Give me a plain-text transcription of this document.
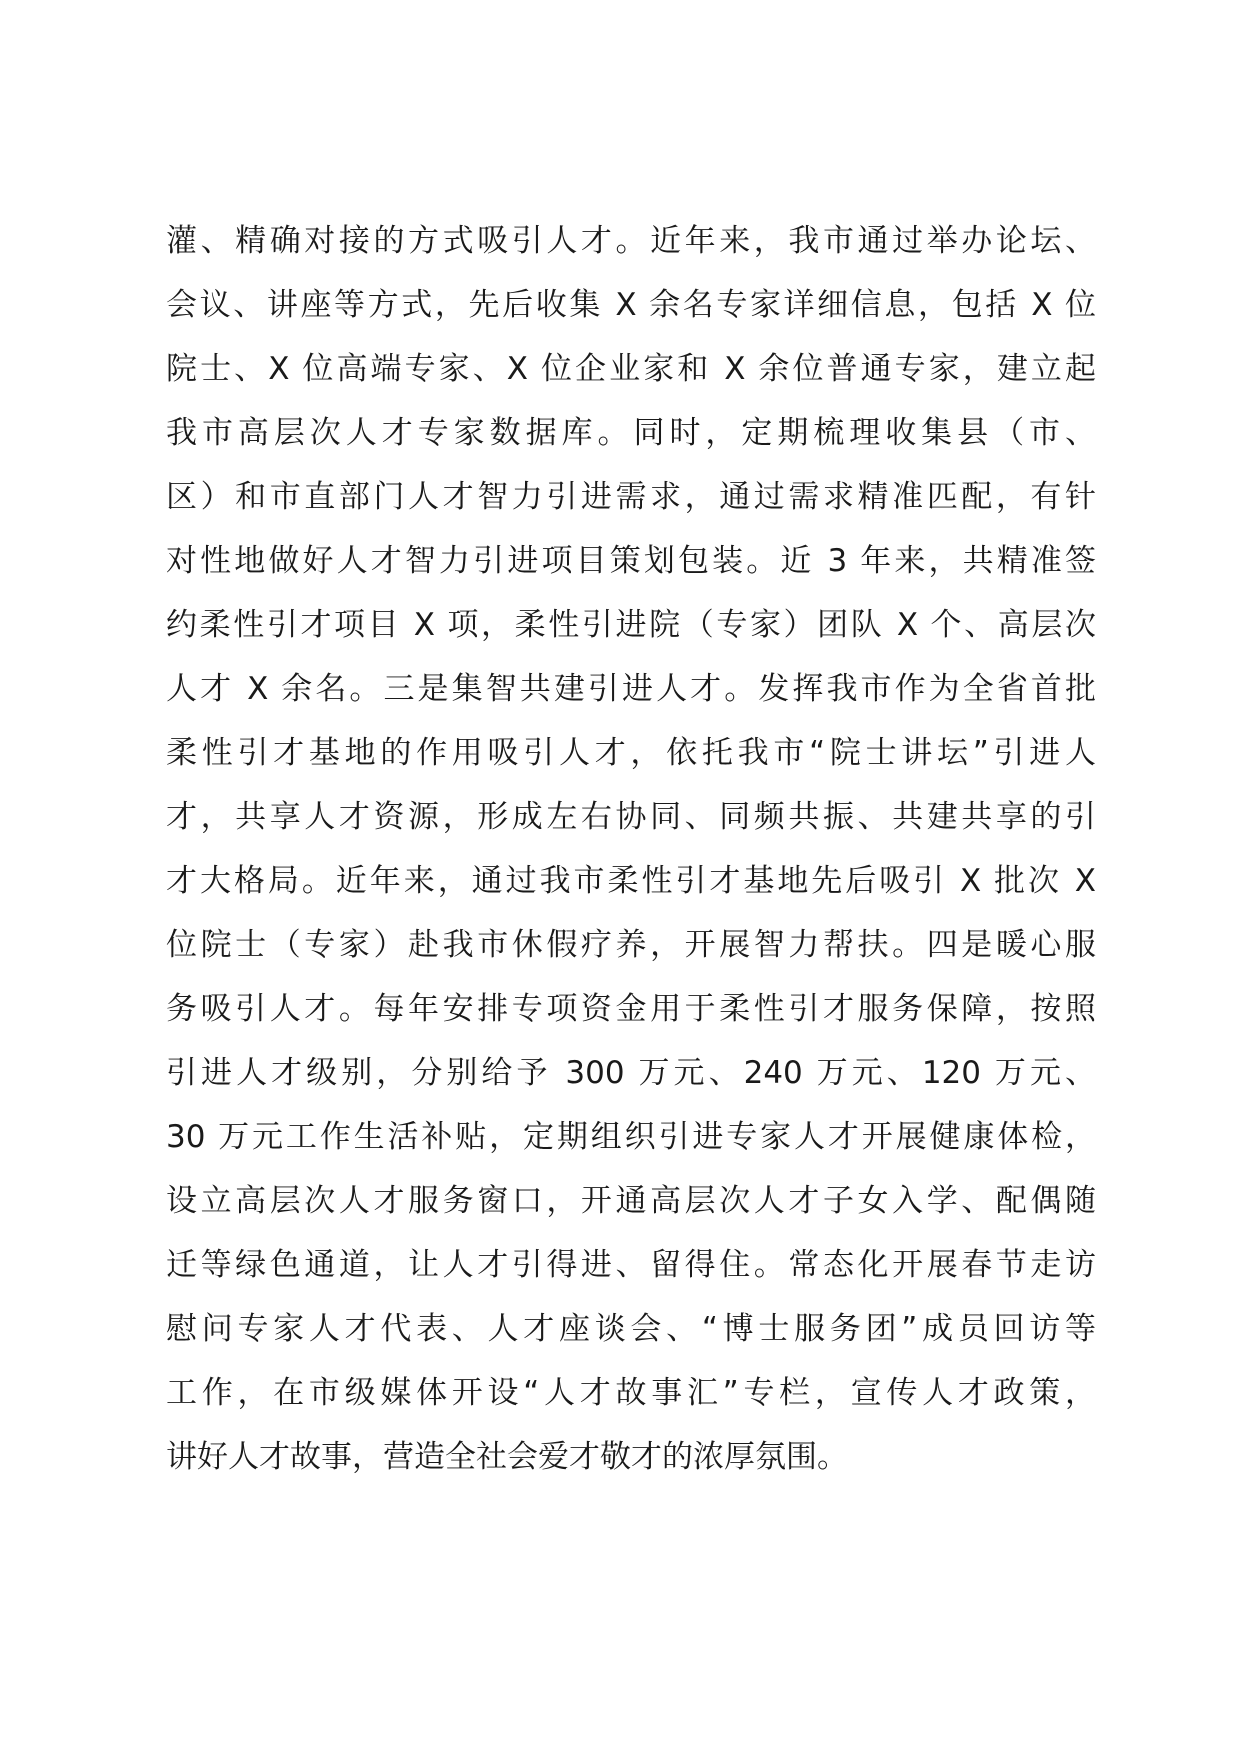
灌、精确对接的方式吸引人才。近年来，我市通过举办论坛、
会议、讲座等方式，先后收集 X 余名专家详细信息，包括 X 位
院士、X 位高端专家、X 位企业家和 X 余位普通专家，建立起
我市高层次人才专家数据库。同时，定期梳理收集县（市、
区）和市直部门人才智力引进需求，通过需求精准匹配，有针
对性地做好人才智力引进项目策划包装。近 3 年来，共精准签
约柔性引才项目 X 项，柔性引进院（专家）团队 X 个、高层次
人才 X 余名。三是集智共建引进人才。发挥我市作为全省首批
柔性引才基地的作用吸引人才，依托我市“院士讲坛”引进人
才，共享人才资源，形成左右协同、同频共振、共建共享的引
才大格局。近年来，通过我市柔性引才基地先后吸引 X 批次 X
位院士（专家）赴我市休假疗养，开展智力帮扶。四是暖心服
务吸引人才。每年安排专项资金用于柔性引才服务保障，按照
引进人才级别，分别给予 300 万元、240 万元、120 万元、
30 万元工作生活补贴，定期组织引进专家人才开展健康体检，
设立高层次人才服务窗口，开通高层次人才子女入学、配偶随
迁等绿色通道，让人才引得进、留得住。常态化开展春节走访
慰问专家人才代表、人才座谈会、“博士服务团”成员回访等
工作，在市级媒体开设“人才故事汇”专栏，宣传人才政策，
讲好人才故事，营造全社会爱才敬才的浓厚氛围。
